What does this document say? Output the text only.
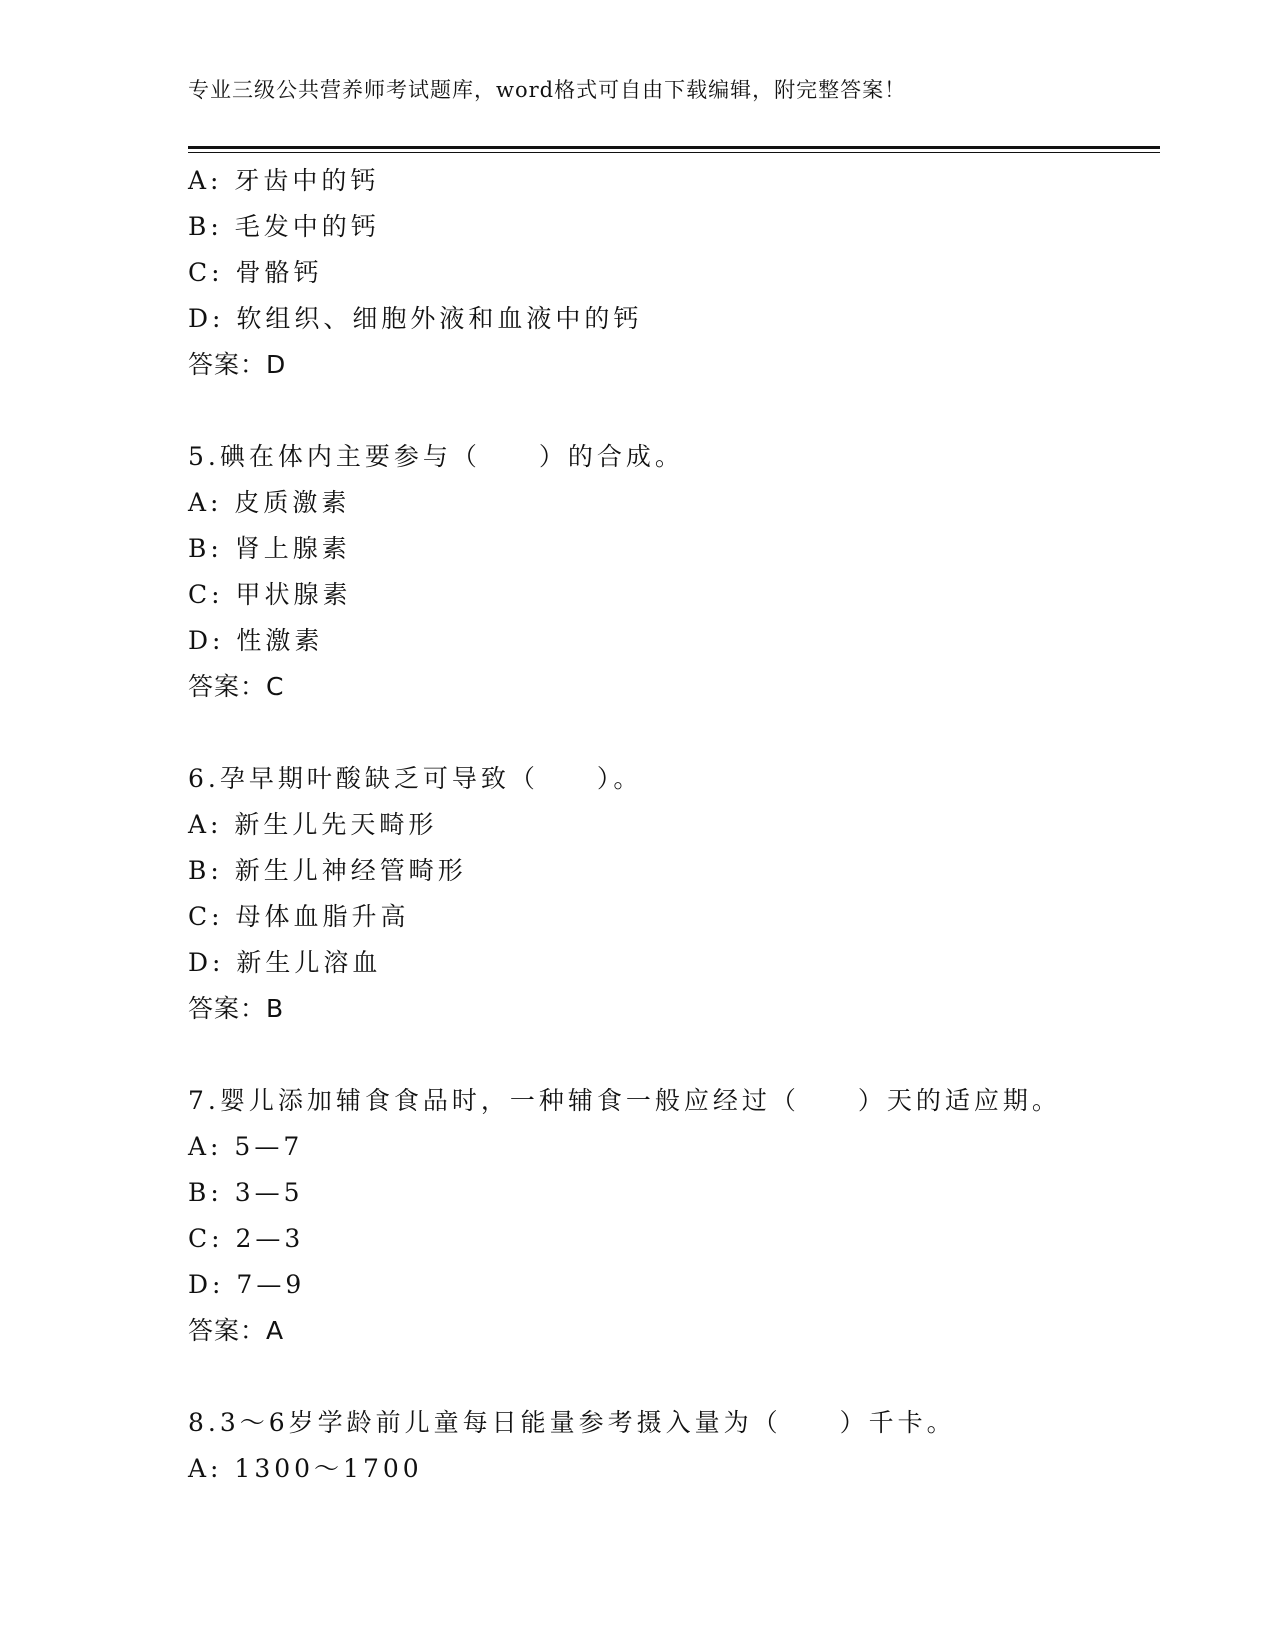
专业三级公共营养师考试题库，word格式可自由下载编辑，附完整答案！
A: 牙齿中的钙
B: 毛发中的钙
C: 骨骼钙
D: 软组织、细胞外液和血液中的钙
答案：D
5.碘在体内主要参与（　　）的合成。
A: 皮质激素
B: 肾上腺素
C: 甲状腺素
D: 性激素
答案：C
6.孕早期叶酸缺乏可导致（　　）。
A: 新生儿先天畸形
B: 新生儿神经管畸形
C: 母体血脂升高
D: 新生儿溶血
答案：B
7.婴儿添加辅食食品时，一种辅食一般应经过（　　）天的适应期。
A: 5—7
B: 3—5
C: 2—3
D: 7—9
答案：A
8.3～6岁学龄前儿童每日能量参考摄入量为（　　）千卡。
A: 1300～1700
